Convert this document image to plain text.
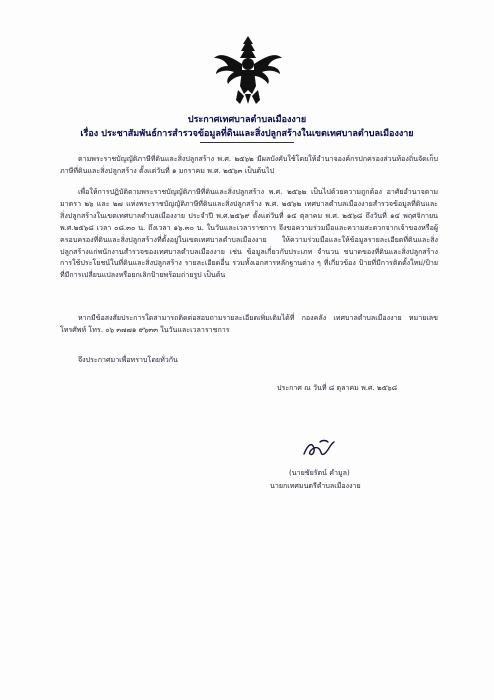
ประกาศเทศบาลตำบลเมืองงาย
เรื่อง ประชาสัมพันธ์การสำรวจข้อมูลที่ดินและสิ่งปลูกสร้างในเขตเทศบาลตำบลเมืองงาย

ตามพระราชบัญญัติภาษีที่ดินและสิ่งปลูกสร้าง พ.ศ. ๒๕๖๒ มีผลบังคับใช้โดยให้อำนาจองค์กรปกครองส่วนท้องถิ่นจัดเก็บภาษีที่ดินและสิ่งปลูกสร้าง ตั้งแต่วันที่ ๑ มกราคม พ.ศ. ๒๕๖๓ เป็นต้นไป

เพื่อให้การปฏิบัติตามพระราชบัญญัติภาษีที่ดินและสิ่งปลูกสร้าง พ.ศ. ๒๕๖๒ เป็นไปด้วยความถูกต้อง อาศัยอำนาจตามมาตรา ๒๖ และ ๒๗ แห่งพระราชบัญญัติภาษีที่ดินและสิ่งปลูกสร้าง พ.ศ. ๒๕๖๒ เทศบาลตำบลเมืองงายสำรวจข้อมูลที่ดินและสิ่งปลูกสร้างในเขตเทศบาลตำบลเมืองงาย ประจำปี พ.ศ.๒๕๖๙ ตั้งแต่วันที่ ๑๔ ตุลาคม พ.ศ. ๒๕๖๘ ถึงวันที่ ๑๔ พฤศจิกายน พ.ศ.๒๕๖๘ เวลา ๐๘.๓๐ น. ถึงเวลา ๑๖.๓๐ น. ในวันและเวลาราชการ จึงขอความร่วมมือและความสะดวกจากเจ้าของหรือผู้ครอบครองที่ดินและสิ่งปลูกสร้างที่ตั้งอยู่ในเขตเทศบาลตำบลเมืองงาย ให้ความร่วมมือและให้ข้อมูลรายละเอียดที่ดินและสิ่งปลูกสร้างแก่พนักงานสำรวจของเทศบาลตำบลเมืองงาย เช่น ข้อมูลเกี่ยวกับประเภท จำนวน ขนาดของที่ดินและสิ่งปลูกสร้าง การใช้ประโยชน์ในที่ดินและสิ่งปลูกสร้าง รายละเอียดอื่น รวมทั้งเอกสารหลักฐานต่าง ๆ ที่เกี่ยวข้อง ป้ายที่มีการติดตั้งใหม่/ป้ายที่มีการเปลี่ยนแปลงหรือยกเลิกป้ายพร้อมถ่ายรูป เป็นต้น

หากมีข้อสงสัยประการใดสามารถติดต่อสอบถามรายละเอียดเพิ่มเติมได้ที่ กองคลัง เทศบาลตำบลเมืองงาย หมายเลขโทรศัพท์ โทร. ๐๖ ๓๗๗๑ ๙๖๓๓ ในวันและเวลาราชการ

จึงประกาศมาเพื่อทราบโดยทั่วกัน

ประกาศ ณ วันที่ ๘ ตุลาคม พ.ศ. ๒๕๖๘
(นายชัยรัตน์ คำมูล)
นายกเทศมนตรีตำบลเมืองงาย
